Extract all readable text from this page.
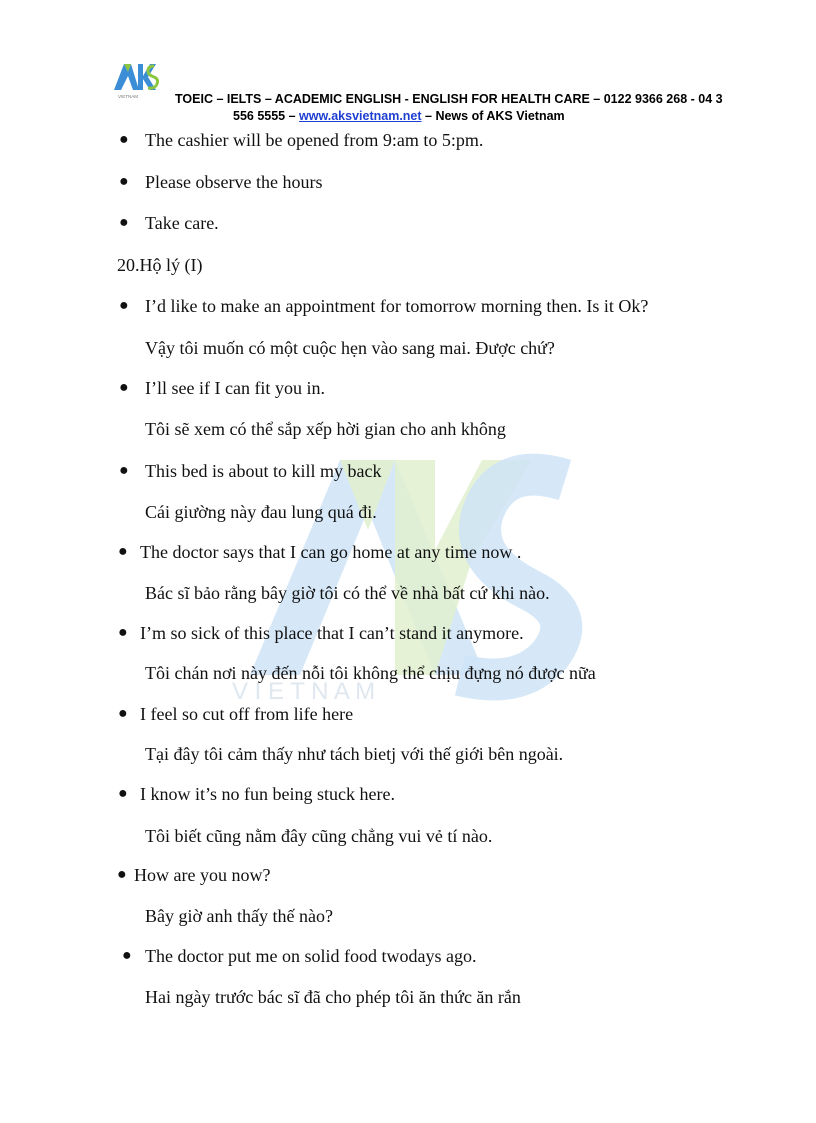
VIETNAM	TOEIC – IELTS – ACADEMIC ENGLISH - ENGLISH FOR HEALTH CARE – 0122 9366 268 - 04 3
556 5555 – www.aksvietnam.net – News of AKS Vietnam
V I E T N A M
● The cashier will be opened from 9:am to 5:pm.
● Please observe the hours
● Take care.
20.Hộ lý (I)
● I’d like to make an appointment for tomorrow morning then. Is it Ok?
Vậy tôi muốn có một cuộc hẹn vào sang mai. Được chứ?
● I’ll see if I can fit you in.
Tôi sẽ xem có thể sắp xếp hời gian cho anh không
● This bed is about to kill my back
Cái giường này đau lung quá đi.
● The doctor says that I can go home at any time now .
Bác sĩ bảo rằng bây giờ tôi có thể về nhà bất cứ khi nào.
● I’m so sick of this place that I can’t stand it anymore.
Tôi chán nơi này đến nỗi tôi không thể chịu đựng nó được nữa
● I feel so cut off from life here
Tại đây tôi cảm thấy như tách bietj với thế giới bên ngoài.
● I know it’s no fun being stuck here.
Tôi biết cũng nằm đây cũng chẳng vui vẻ tí nào.
● How are you now?
Bây giờ anh thấy thế nào?
● The doctor put me on solid food twodays ago.
Hai ngày trước bác sĩ đã cho phép tôi ăn thức ăn rắn
